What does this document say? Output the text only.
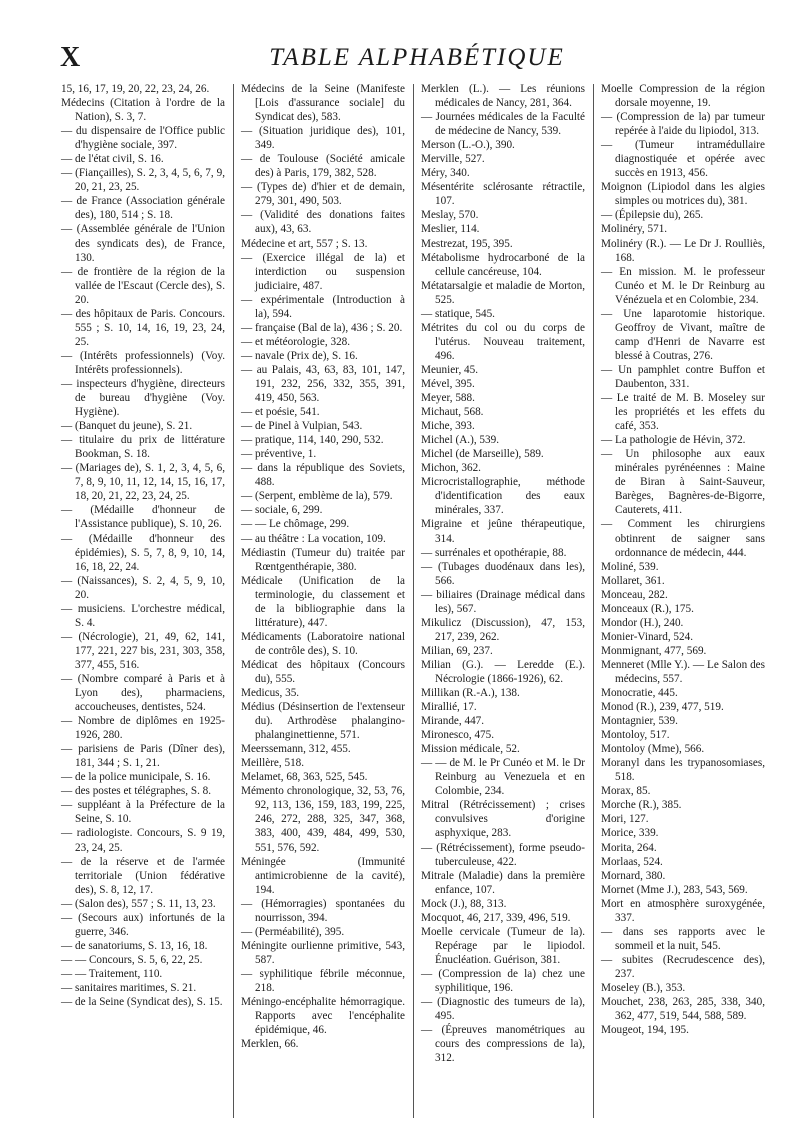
X	TABLE ALPHABÉTIQUE
15, 16, 17, 19, 20, 22, 23, 24, 26.
Médecins (Citation à l'ordre de la Nation), S. 3, 7.
— du dispensaire de l'Office public d'hygiène sociale, 397.
— de l'état civil, S. 16.
— (Fiançailles), S. 2, 3, 4, 5, 6, 7, 9, 20, 21, 23, 25.
— de France (Association générale des), 180, 514 ; S. 18.
— (Assemblée générale de l'Union des syndicats des), de France, 130.
— de frontière de la région de la vallée de l'Escaut (Cercle des), S. 20.
— des hôpitaux de Paris. Concours. 555 ; S. 10, 14, 16, 19, 23, 24, 25.
— (Intérêts professionnels) (Voy. Intérêts professionnels).
— inspecteurs d'hygiène, directeurs de bureau d'hygiène (Voy. Hygiène).
— (Banquet du jeune), S. 21.
— titulaire du prix de littérature Bookman, S. 18.
— (Mariages de), S. 1, 2, 3, 4, 5, 6, 7, 8, 9, 10, 11, 12, 14, 15, 16, 17, 18, 20, 21, 22, 23, 24, 25.
— (Médaille d'honneur de l'Assistance publique), S. 10, 26.
— (Médaille d'honneur des épidémies), S. 5, 7, 8, 9, 10, 14, 16, 18, 22, 24.
— (Naissances), S. 2, 4, 5, 9, 10, 20.
— musiciens. L'orchestre médical, S. 4.
— (Nécrologie), 21, 49, 62, 141, 177, 221, 227 bis, 231, 303, 358, 377, 455, 516.
— (Nombre comparé à Paris et à Lyon des), pharmaciens, accoucheuses, dentistes, 524.
— Nombre de diplômes en 1925-1926, 280.
— parisiens de Paris (Dîner des), 181, 344 ; S. 1, 21.
— de la police municipale, S. 16.
— des postes et télégraphes, S. 8.
— suppléant à la Préfecture de la Seine, S. 10.
— radiologiste. Concours, S. 9 19, 23, 24, 25.
— de la réserve et de l'armée territoriale (Union fédérative des), S. 8, 12, 17.
— (Salon des), 557 ; S. 11, 13, 23.
— (Secours aux) infortunés de la guerre, 346.
— de sanatoriums, S. 13, 16, 18.
— — Concours, S. 5, 6, 22, 25.
— — Traitement, 110.
— sanitaires maritimes, S. 21.
— de la Seine (Syndicat des), S. 15.
Médecins de la Seine (Manifeste [Lois d'assurance sociale] du Syndicat des), 583.
— (Situation juridique des), 101, 349.
— de Toulouse (Société amicale des) à Paris, 179, 382, 528.
— (Types de) d'hier et de demain, 279, 301, 490, 503.
— (Validité des donations faites aux), 43, 63.
Médecine et art, 557 ; S. 13.
— (Exercice illégal de la) et interdiction ou suspension judiciaire, 487.
— expérimentale (Introduction à la), 594.
— française (Bal de la), 436 ; S. 20.
— et météorologie, 328.
— navale (Prix de), S. 16.
— au Palais, 43, 63, 83, 101, 147, 191, 232, 256, 332, 355, 391, 419, 450, 563.
— et poésie, 541.
— de Pinel à Vulpian, 543.
— pratique, 114, 140, 290, 532.
— préventive, 1.
— dans la république des Soviets, 488.
— (Serpent, emblème de la), 579.
— sociale, 6, 299.
— — Le chômage, 299.
— au théâtre : La vocation, 109.
Médiastin (Tumeur du) traitée par Rœntgenthérapie, 380.
Médicale (Unification de la terminologie, du classement et de la bibliographie dans la littérature), 447.
Médicaments (Laboratoire national de contrôle des), S. 10.
Médicat des hôpitaux (Concours du), 555.
Medicus, 35.
Médius (Désinsertion de l'extenseur du). Arthrodèse phalangino-phalanginettienne, 571.
Meerssemann, 312, 455.
Meillère, 518.
Melamet, 68, 363, 525, 545.
Mémento chronologique, 32, 53, 76, 92, 113, 136, 159, 183, 199, 225, 246, 272, 288, 325, 347, 368, 383, 400, 439, 484, 499, 530, 551, 576, 592.
Méningée (Immunité antimicrobienne de la cavité), 194.
— (Hémorragies) spontanées du nourrisson, 394.
— (Perméabilité), 395.
Méningite ourlienne primitive, 543, 587.
— syphilitique fébrile méconnue, 218.
Méningo-encéphalite hémorragique. Rapports avec l'encéphalite épidémique, 46.
Merklen, 66.
Merklen (L.). — Les réunions médicales de Nancy, 281, 364.
— Journées médicales de la Faculté de médecine de Nancy, 539.
Merson (L.-O.), 390.
Merville, 527.
Méry, 340.
Mésentérite sclérosante rétractile, 107.
Meslay, 570.
Meslier, 114.
Mestrezat, 195, 395.
Métabolisme hydrocarboné de la cellule cancéreuse, 104.
Métatarsalgie et maladie de Morton, 525.
— statique, 545.
Métrites du col ou du corps de l'utérus. Nouveau traitement, 496.
Meunier, 45.
Mével, 395.
Meyer, 588.
Michaut, 568.
Miche, 393.
Michel (A.), 539.
Michel (de Marseille), 589.
Michon, 362.
Microcristallographie, méthode d'identification des eaux minérales, 337.
Migraine et jeûne thérapeutique, 314.
— surrénales et opothérapie, 88.
— (Tubages duodénaux dans les), 566.
— biliaires (Drainage médical dans les), 567.
Mikulicz (Discussion), 47, 153, 217, 239, 262.
Milian, 69, 237.
Milian (G.). — Leredde (E.). Nécrologie (1866-1926), 62.
Millikan (R.-A.), 138.
Mirallié, 17.
Mirande, 447.
Mironesco, 475.
Mission médicale, 52.
— — de M. le Pr Cunéo et M. le Dr Reinburg au Venezuela et en Colombie, 234.
Mitral (Rétrécissement) ; crises convulsives d'origine asphyxique, 283.
— (Rétrécissement), forme pseudo-tuberculeuse, 422.
Mitrale (Maladie) dans la première enfance, 107.
Mock (J.), 88, 313.
Mocquot, 46, 217, 339, 496, 519.
Moelle cervicale (Tumeur de la). Repérage par le lipiodol. Énucléation. Guérison, 381.
— (Compression de la) chez une syphilitique, 196.
— (Diagnostic des tumeurs de la), 495.
— (Épreuves manométriques au cours des compressions de la), 312.
Moelle Compression de la région dorsale moyenne, 19.
— (Compression de la) par tumeur repérée à l'aide du lipiodol, 313.
— (Tumeur intramédullaire diagnostiquée et opérée avec succès en 1913, 456.
Moignon (Lipiodol dans les algies simples ou motrices du), 381.
— (Épilepsie du), 265.
Molinéry, 571.
Molinéry (R.). — Le Dr J. Roulliès, 168.
— En mission. M. le professeur Cunéo et M. le Dr Reinburg au Vénézuela et en Colombie, 234.
— Une laparotomie historique. Geoffroy de Vivant, maître de camp d'Henri de Navarre est blessé à Coutras, 276.
— Un pamphlet contre Buffon et Daubenton, 331.
— Le traité de M. B. Moseley sur les propriétés et les effets du café, 353.
— La pathologie de Hévin, 372.
— Un philosophe aux eaux minérales pyrénéennes : Maine de Biran à Saint-Sauveur, Barèges, Bagnères-de-Bigorre, Cauterets, 411.
— Comment les chirurgiens obtinrent de saigner sans ordonnance de médecin, 444.
Moliné, 539.
Mollaret, 361.
Monceau, 282.
Monceaux (R.), 175.
Mondor (H.), 240.
Monier-Vinard, 524.
Monmignant, 477, 569.
Menneret (Mlle Y.). — Le Salon des médecins, 557.
Monocratie, 445.
Monod (R.), 239, 477, 519.
Montagnier, 539.
Montoloy, 517.
Montoloy (Mme), 566.
Moranyl dans les trypanosomiases, 518.
Morax, 85.
Morche (R.), 385.
Mori, 127.
Morice, 339.
Morita, 264.
Morlaas, 524.
Mornard, 380.
Mornet (Mme J.), 283, 543, 569.
Mort en atmosphère suroxygénée, 337.
— dans ses rapports avec le sommeil et la nuit, 545.
— subites (Recrudescence des), 237.
Moseley (B.), 353.
Mouchet, 238, 263, 285, 338, 340, 362, 477, 519, 544, 588, 589.
Mougeot, 194, 195.
